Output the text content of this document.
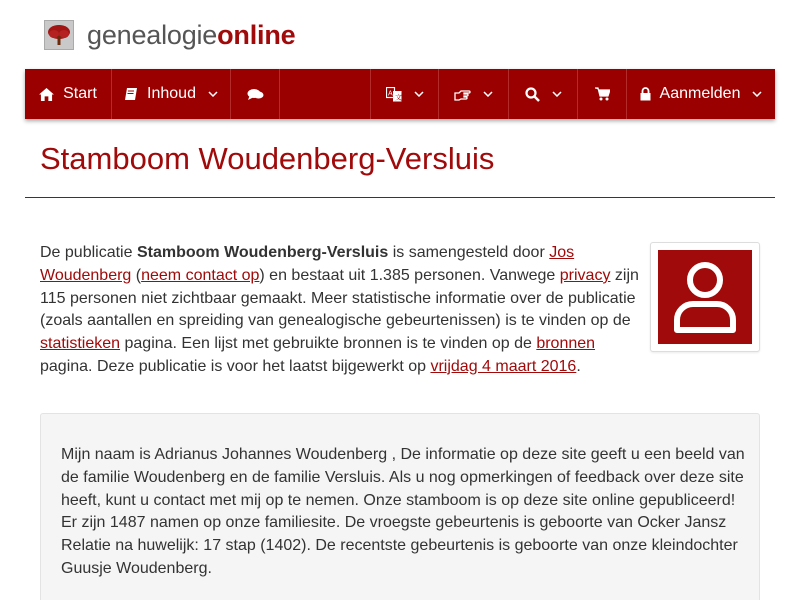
genealogieonline
Start	Inhoud	A
文	Aanmelden
Stamboom Woudenberg-Versluis

De publicatie Stamboom Woudenberg-Versluis is samengesteld door Jos Woudenberg (neem contact op) en bestaat uit 1.385 personen. Vanwege privacy zijn 115 personen niet zichtbaar gemaakt. Meer statistische informatie over de publicatie (zoals aantallen en spreiding van genealogische gebeurtenissen) is te vinden op de statistieken pagina. Een lijst met gebruikte bronnen is te vinden op de bronnen pagina. Deze publicatie is voor het laatst bijgewerkt op vrijdag 4 maart 2016.

Mijn naam is Adrianus Johannes Woudenberg , De informatie op deze site geeft u een beeld van de familie Woudenberg en de familie Versluis. Als u nog opmerkingen of feedback over deze site heeft, kunt u contact met mij op te nemen. Onze stamboom is op deze site online gepubliceerd! Er zijn 1487 namen op onze familiesite. De vroegste gebeurtenis is geboorte van Ocker Jansz Relatie na huwelijk: 17 stap (1402). De recentste gebeurtenis is geboorte van onze kleindochter Guusje Woudenberg.
